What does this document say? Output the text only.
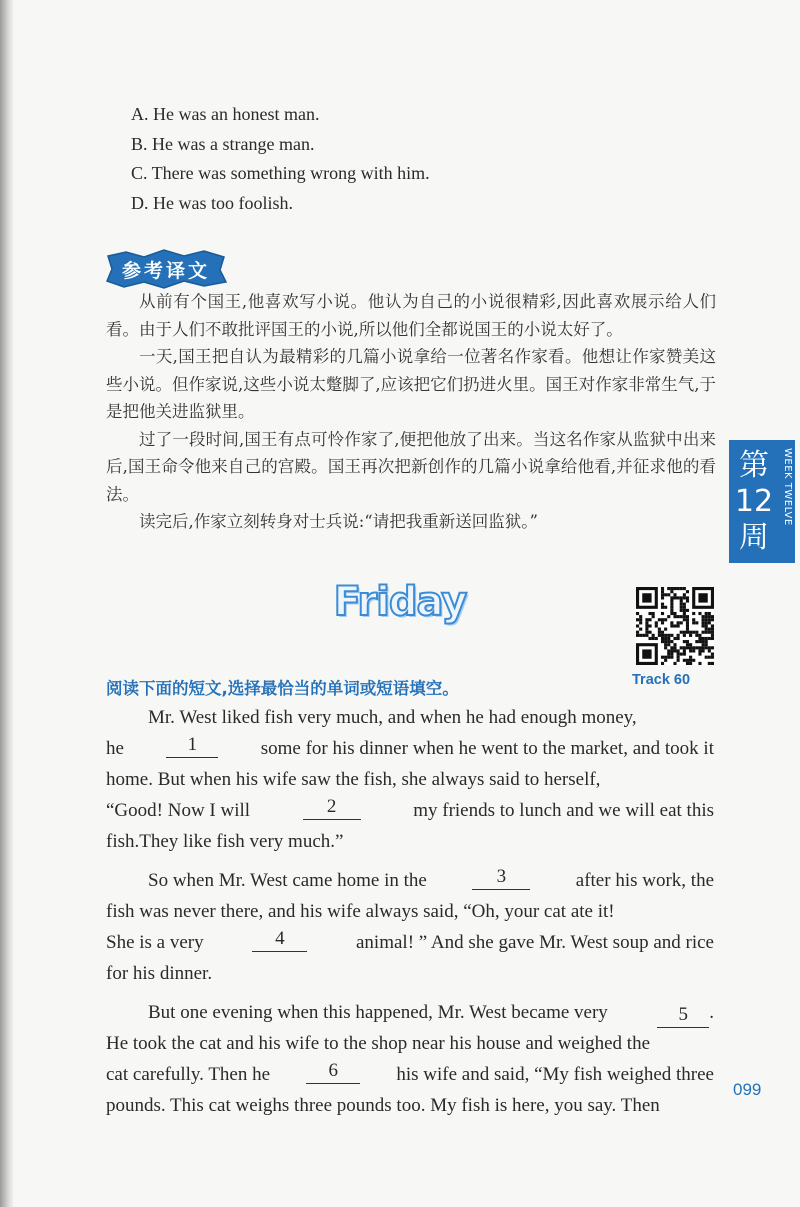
A. He was an honest man.
B. He was a strange man.
C. There was something wrong with him.
D. He was too foolish.
参考译文

从前有个国王,他喜欢写小说。他认为自己的小说很精彩,因此喜欢展示给人们看。由于人们不敢批评国王的小说,所以他们全都说国王的小说太好了。

一天,国王把自认为最精彩的几篇小说拿给一位著名作家看。他想让作家赞美这些小说。但作家说,这些小说太蹩脚了,应该把它们扔进火里。国王对作家非常生气,于是把他关进监狱里。

过了一段时间,国王有点可怜作家了,便把他放了出来。当这名作家从监狱中出来后,国王命令他来自己的宫殿。国王再次把新创作的几篇小说拿给他看,并征求他的看法。

读完后,作家立刻转身对士兵说:“请把我重新送回监狱。”

第12周
WEEK TWELVE
Friday
Track 60
阅读下面的短文,选择最恰当的单词或短语填空。
Mr. West liked fish very much, and when he had enough money,
he	1	some for his dinner when he went to the market, and took it
home. But when his wife saw the fish, she always said to herself,
“Good! Now I will	2	my friends to lunch and we will eat this
fish.They like fish very much.”
So when Mr. West came home in the	3	after his work, the
fish was never there, and his wife always said, “Oh, your cat ate it!
She is a very	4	animal! ” And she gave Mr. West soup and rice
for his dinner.
But one evening when this happened, Mr. West became very	5	.
He took the cat and his wife to the shop near his house and weighed the
cat carefully. Then he	6	his wife and said, “My fish weighed three
pounds. This cat weighs three pounds too. My fish is here, you say. Then
099
